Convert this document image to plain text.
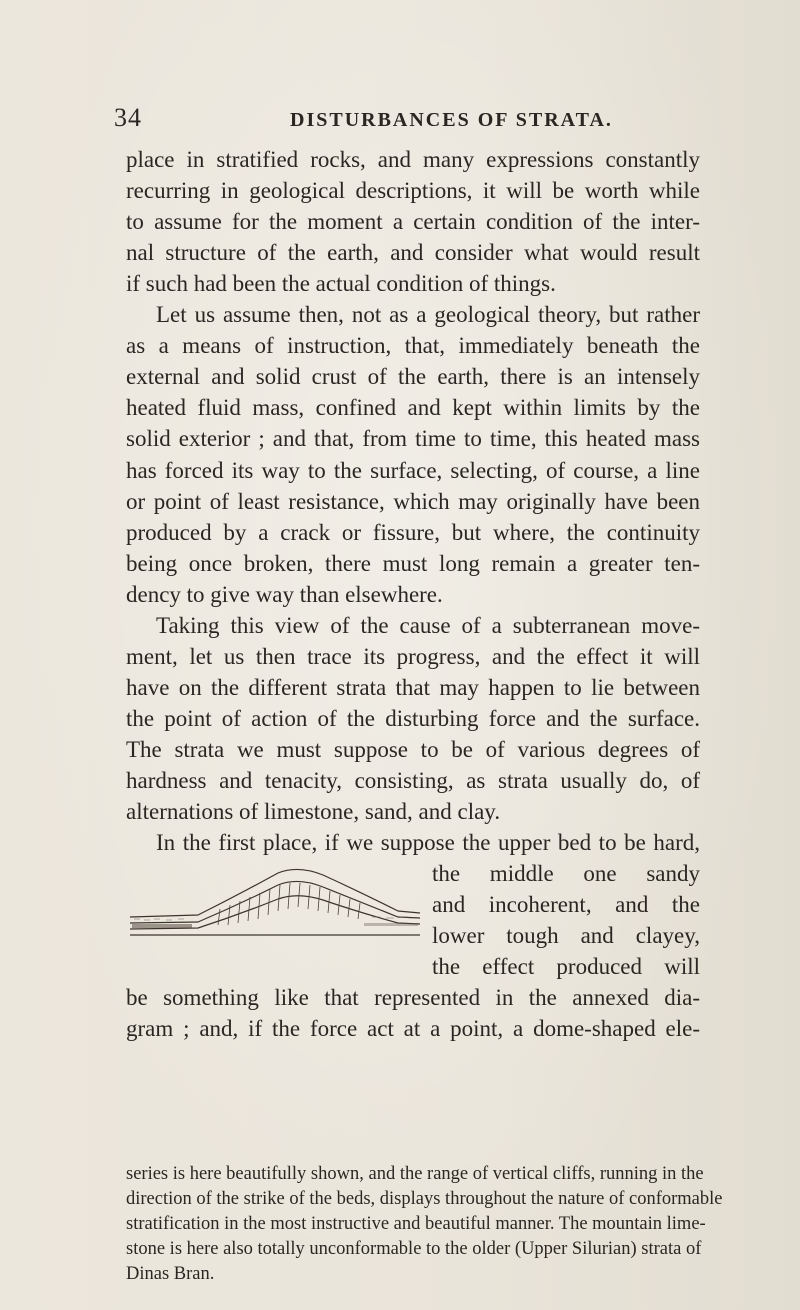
34	DISTURBANCES OF STRATA.
place in stratified rocks, and many expressions constantly
recurring in geological descriptions, it will be worth while
to assume for the moment a certain condition of the inter-
nal structure of the earth, and consider what would result
if such had been the actual condition of things.
Let us assume then, not as a geological theory, but rather
as a means of instruction, that, immediately beneath the
external and solid crust of the earth, there is an intensely
heated fluid mass, confined and kept within limits by the
solid exterior ; and that, from time to time, this heated mass
has forced its way to the surface, selecting, of course, a line
or point of least resistance, which may originally have been
produced by a crack or fissure, but where, the continuity
being once broken, there must long remain a greater ten-
dency to give way than elsewhere.
Taking this view of the cause of a subterranean move-
ment, let us then trace its progress, and the effect it will
have on the different strata that may happen to lie between
the point of action of the disturbing force and the surface.
The strata we must suppose to be of various degrees of
hardness and tenacity, consisting, as strata usually do, of
alternations of limestone, sand, and clay.
In the first place, if we suppose the upper bed to be hard,
the middle one sandy
and incoherent, and the
lower tough and clayey,
the effect produced will
be something like that represented in the annexed dia-
gram ; and, if the force act at a point, a dome-shaped ele-
series is here beautifully shown, and the range of vertical cliffs, running in the
direction of the strike of the beds, displays throughout the nature of conformable
stratification in the most instructive and beautiful manner. The mountain lime-
stone is here also totally unconformable to the older (Upper Silurian) strata of
Dinas Bran.
